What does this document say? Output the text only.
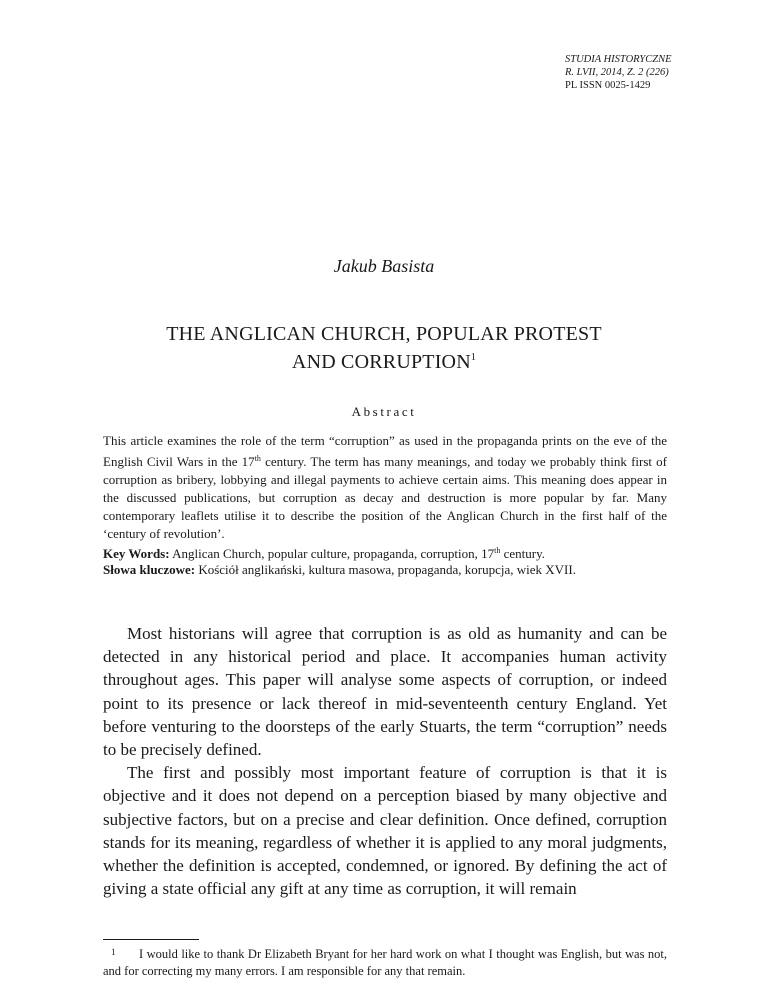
STUDIA HISTORYCZNE
R. LVII, 2014, Z. 2 (226)
PL ISSN 0025-1429
Jakub Basista
THE ANGLICAN CHURCH, POPULAR PROTEST
AND CORRUPTION$^1$
Abstract
This article examines the role of the term “corruption” as used in the propaganda prints on the eve of the English Civil Wars in the 17th century. The term has many meanings, and today we probably think first of corruption as bribery, lobbying and illegal payments to achieve certain aims. This meaning does appear in the discussed publications, but corruption as decay and destruction is more popular by far. Many contemporary leaflets utilise it to describe the position of the Anglican Church in the first half of the ‘century of revolution’.
Key Words: Anglican Church, popular culture, propaganda, corruption, 17th century.
Słowa kluczowe: Kościół anglikański, kultura masowa, propaganda, korupcja, wiek XVII.

Most historians will agree that corruption is as old as humanity and can be detected in any historical period and place. It accompanies human activity throughout ages. This paper will analyse some aspects of corruption, or indeed point to its presence or lack thereof in mid-seventeenth century England. Yet before venturing to the doorsteps of the early Stuarts, the term “corruption” needs to be precisely defined.

The first and possibly most important feature of corruption is that it is objective and it does not depend on a perception biased by many objective and subjective factors, but on a precise and clear definition. Once defined, corruption stands for its meaning, regardless of whether it is applied to any moral judgments, whether the definition is accepted, condemned, or ignored. By defining the act of giving a state official any gift at any time as corruption, it will remain

1 I would like to thank Dr Elizabeth Bryant for her hard work on what I thought was English, but was not, and for correcting my many errors. I am responsible for any that remain.
